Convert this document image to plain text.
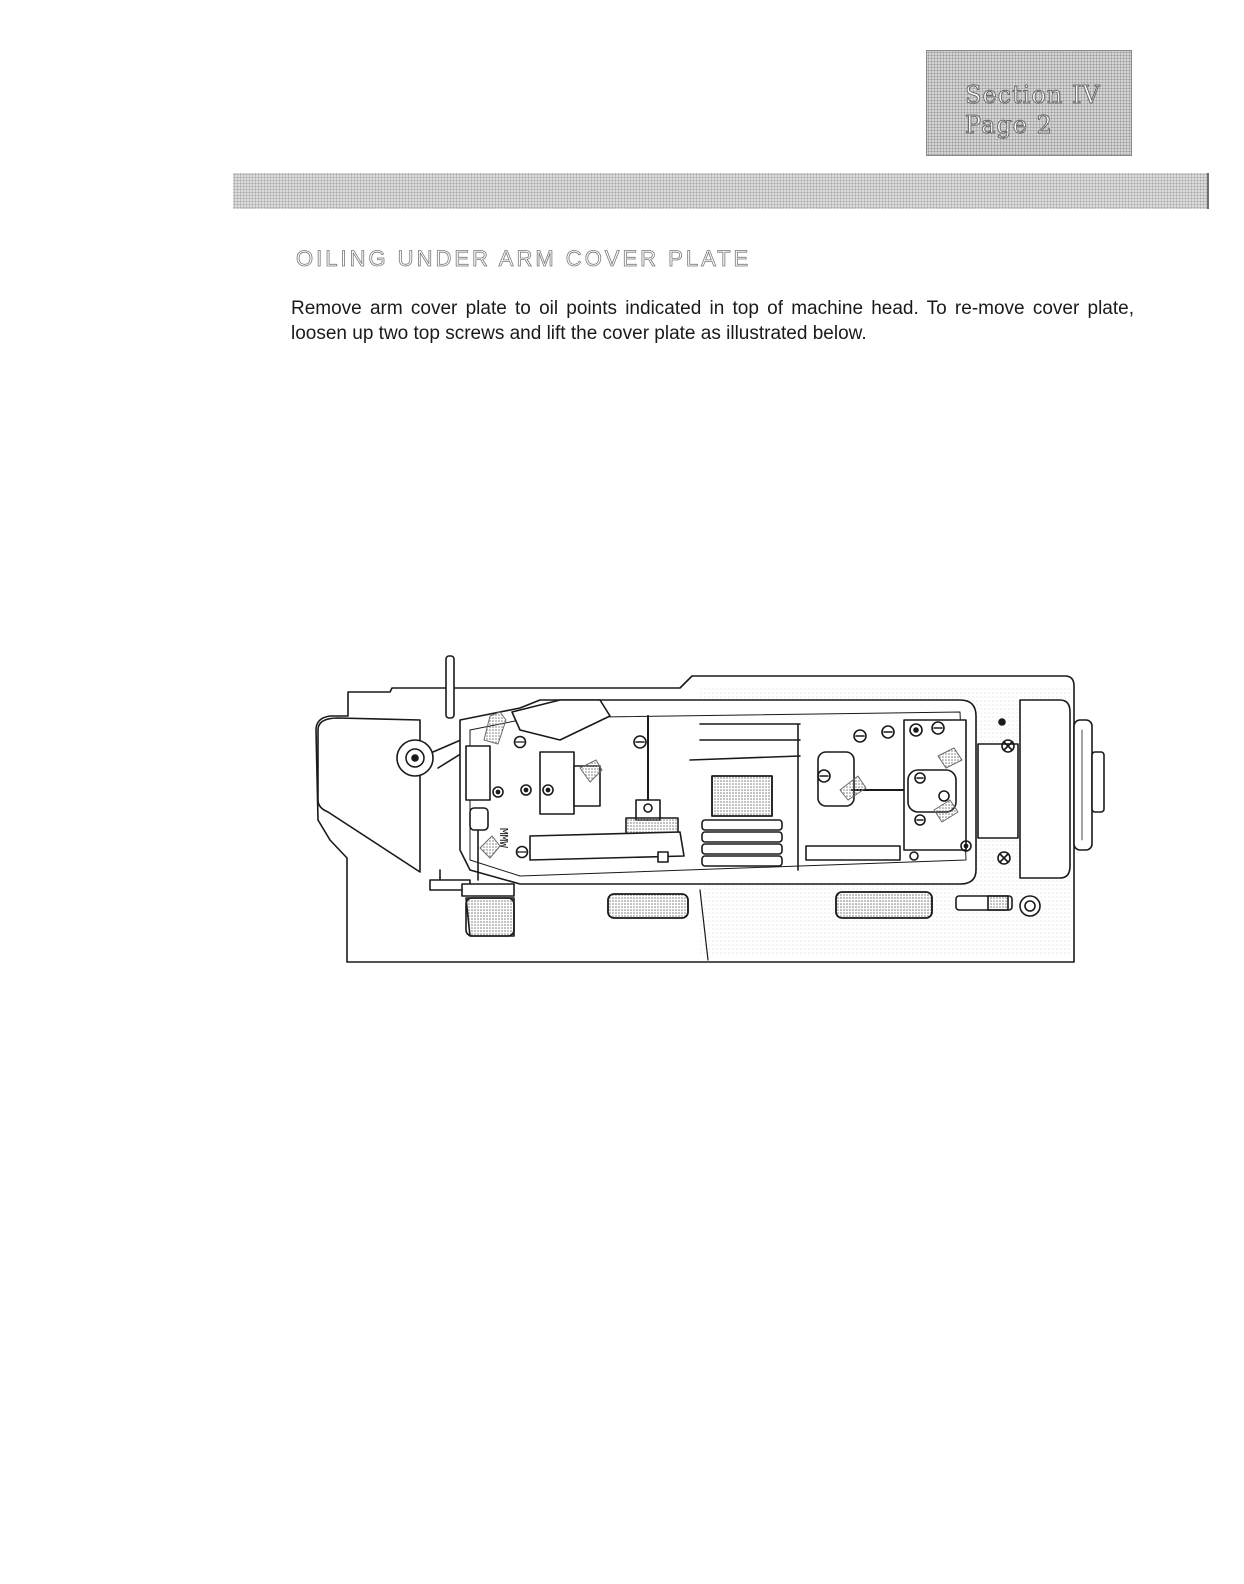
Section IV
Page 2
OILING UNDER ARM COVER PLATE

Remove arm cover plate to oil points indicated in top of machine head. To re-move cover plate, loosen up two top screws and lift the cover plate as illustrated below.

MMW
